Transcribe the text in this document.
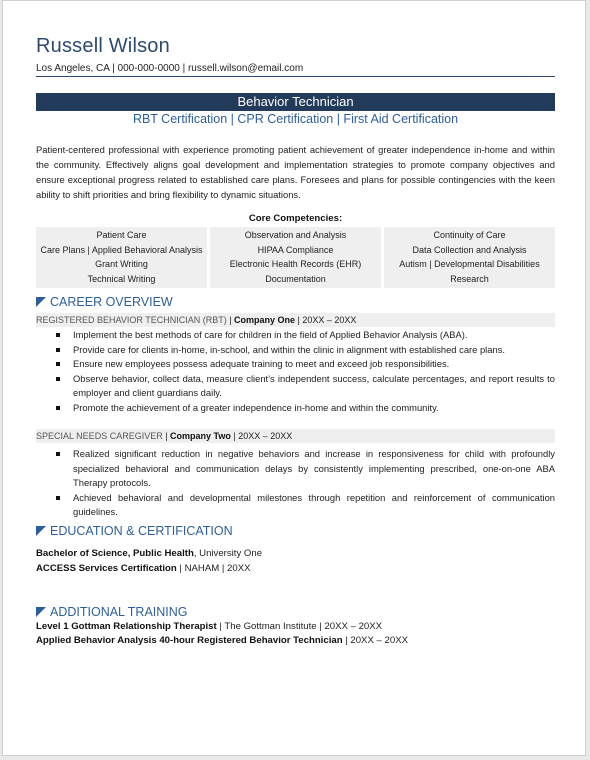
Russell Wilson
Los Angeles, CA | 000-000-0000 | russell.wilson@email.com
Behavior Technician
RBT Certification | CPR Certification | First Aid Certification
Patient-centered professional with experience promoting patient achievement of greater independence in-home and within the community. Effectively aligns goal development and implementation strategies to promote company objectives and ensure exceptional progress related to established care plans. Foresees and plans for possible contingencies with the keen ability to shift priorities and bring flexibility to dynamic situations.
Core Competencies:
Patient Care
Care Plans | Applied Behavioral Analysis
Grant Writing
Technical Writing
Observation and Analysis
HIPAA Compliance
Electronic Health Records (EHR)
Documentation
Continuity of Care
Data Collection and Analysis
Autism | Developmental Disabilities
Research
CAREER OVERVIEW
REGISTERED BEHAVIOR TECHNICIAN (RBT) | Company One | 20XX – 20XX
Implement the best methods of care for children in the field of Applied Behavior Analysis (ABA).
Provide care for clients in-home, in-school, and within the clinic in alignment with established care plans.
Ensure new employees possess adequate training to meet and exceed job responsibilities.
Observe behavior, collect data, measure client’s independent success, calculate percentages, and report results to employer and client guardians daily.
Promote the achievement of a greater independence in-home and within the community.
SPECIAL NEEDS CAREGIVER | Company Two | 20XX – 20XX
Realized significant reduction in negative behaviors and increase in responsiveness for child with profoundly specialized behavioral and communication delays by consistently implementing prescribed, one-on-one ABA Therapy protocols.
Achieved behavioral and developmental milestones through repetition and reinforcement of communication guidelines.
EDUCATION & CERTIFICATION
Bachelor of Science, Public Health, University One
ACCESS Services Certification | NAHAM | 20XX
ADDITIONAL TRAINING
Level 1 Gottman Relationship Therapist | The Gottman Institute | 20XX – 20XX
Applied Behavior Analysis 40-hour Registered Behavior Technician | 20XX – 20XX
